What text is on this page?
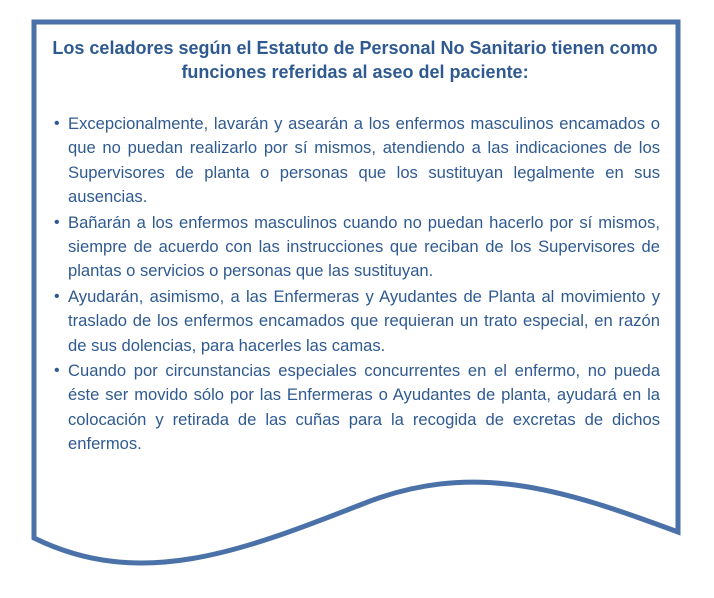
Los celadores según el Estatuto de Personal No Sanitario tienen como funciones referidas al aseo del paciente:

• Excepcionalmente, lavarán y asearán a los enfermos masculinos encamados o que no puedan realizarlo por sí mismos, atendiendo a las indicaciones de los Supervisores de planta o personas que los sustituyan legalmente en sus ausencias.
• Bañarán a los enfermos masculinos cuando no puedan hacerlo por sí mismos, siempre de acuerdo con las instrucciones que reciban de los Supervisores de plantas o servicios o personas que las sustituyan.
• Ayudarán, asimismo, a las Enfermeras y Ayudantes de Planta al movimiento y traslado de los enfermos encamados que requieran un trato especial, en razón de sus dolencias, para hacerles las camas.
• Cuando por circunstancias especiales concurrentes en el enfermo, no pueda éste ser movido sólo por las Enfermeras o Ayudantes de planta, ayudará en la colocación y retirada de las cuñas para la recogida de excretas de dichos enfermos.
